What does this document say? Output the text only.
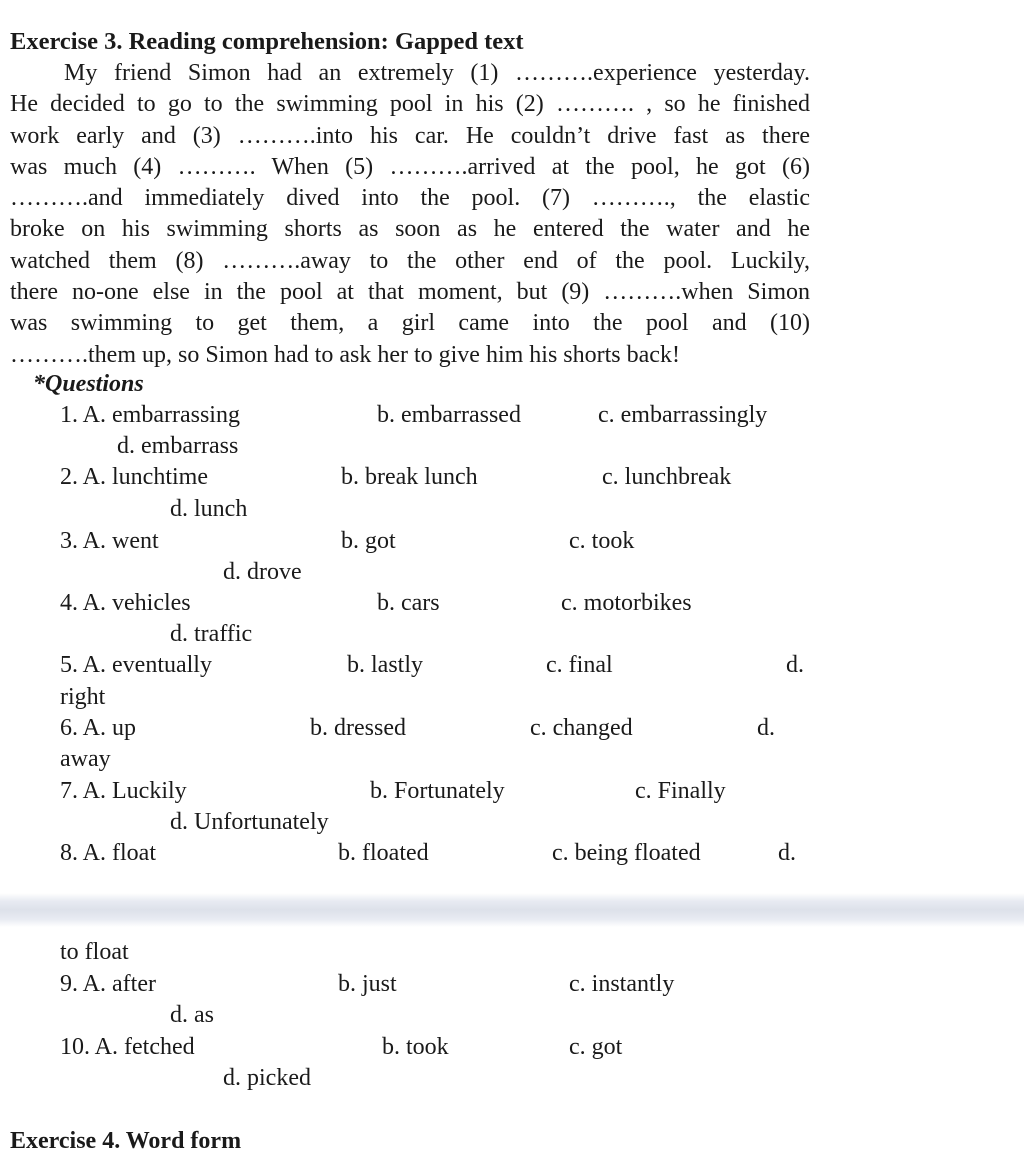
Exercise 3. Reading comprehension: Gapped text
My friend Simon had an extremely (1) ……….experience yesterday.
He decided to go to the swimming pool in his (2) ………. , so he finished
work early and (3) ……….into his car. He couldn’t drive fast as there
was much (4) ………. When (5) ……….arrived at the pool, he got (6)
……….and immediately dived into the pool. (7) ………., the elastic
broke on his swimming shorts as soon as he entered the water and he
watched them (8) ……….away to the other end of the pool. Luckily,
there no-one else in the pool at that moment, but (9) ……….when Simon
was swimming to get them, a girl came into the pool and (10)
……….them up, so Simon had to ask her to give him his shorts back!
*Questions
1. A. embarrassing	b. embarrassed	c. embarrassingly
d. embarrass
2. A. lunchtime	b. break lunch	c. lunchbreak
d. lunch
3. A. went	b. got	c. took
d. drove
4. A. vehicles	b. cars	c. motorbikes
d. traffic
5. A. eventually	b. lastly	c. final	d.
right
6. A. up	b. dressed	c. changed	d.
away
7. A. Luckily	b. Fortunately	c. Finally
d. Unfortunately
8. A. float	b. floated	c. being floated	d.
to float
9. A. after	b. just	c. instantly
d. as
10. A. fetched	b. took	c. got
d. picked
Exercise 4. Word form
